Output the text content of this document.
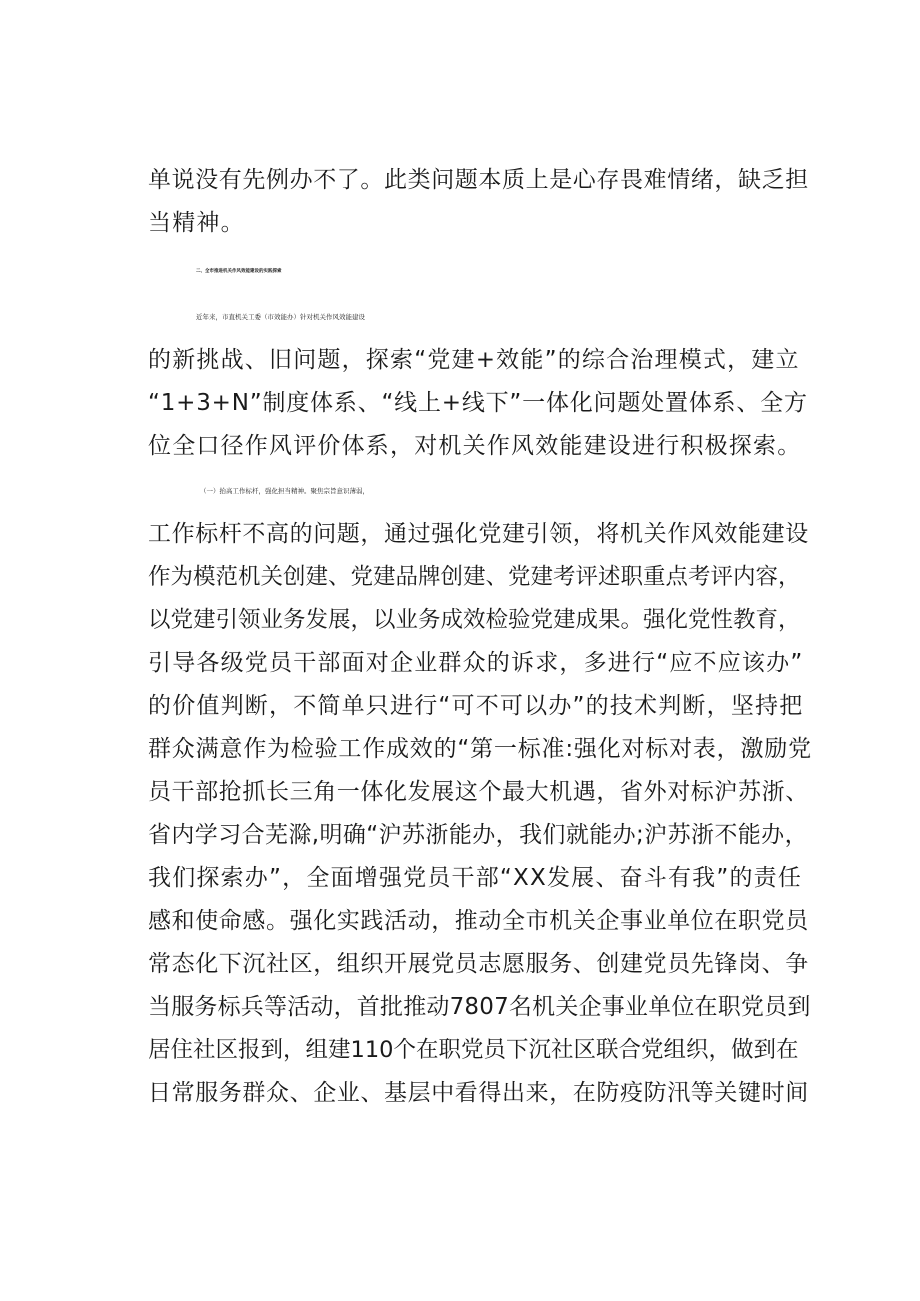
单说没有先例办不了。此类问题本质上是心存畏难情绪，缺乏担
当精神。
二、全市推进机关作风效能建设的实践探索
近年来，市直机关工委（市效能办）针对机关作风效能建设
的新挑战、旧问题，探索“党建+效能”的综合治理模式，建立
“1+3+N”制度体系、“线上+线下”一体化问题处置体系、全方
位全口径作风评价体系，对机关作风效能建设进行积极探索。
（一）抬高工作标杆，强化担当精神。聚焦宗旨意识薄弱，
工作标杆不高的问题，通过强化党建引领，将机关作风效能建设
作为模范机关创建、党建品牌创建、党建考评述职重点考评内容，
以党建引领业务发展，以业务成效检验党建成果。强化党性教育，
引导各级党员干部面对企业群众的诉求，多进行“应不应该办”
的价值判断，不简单只进行“可不可以办”的技术判断，坚持把
群众满意作为检验工作成效的“第一标准:强化对标对表，激励党
员干部抢抓长三角一体化发展这个最大机遇，省外对标沪苏浙、
省内学习合芜滁,明确“沪苏浙能办，我们就能办;沪苏浙不能办，
我们探索办”，全面增强党员干部“XX发展、奋斗有我”的责任
感和使命感。强化实践活动，推动全市机关企事业单位在职党员
常态化下沉社区，组织开展党员志愿服务、创建党员先锋岗、争
当服务标兵等活动，首批推动7807名机关企事业单位在职党员到
居住社区报到，组建110个在职党员下沉社区联合党组织，做到在
日常服务群众、企业、基层中看得出来，在防疫防汛等关键时间
